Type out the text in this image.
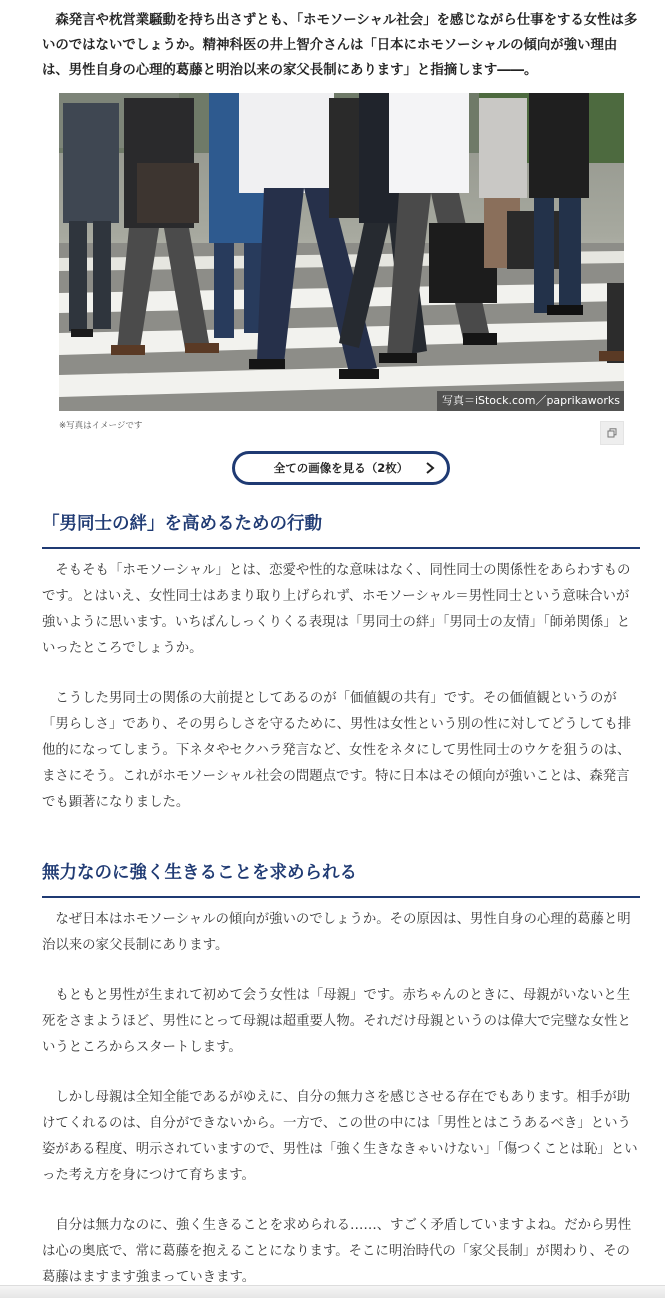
森発言や枕営業騒動を持ち出さずとも、「ホモソーシャル社会」を感じながら仕事をする女性は多いのではないでしょうか。精神科医の井上智介さんは「日本にホモソーシャルの傾向が強い理由は、男性自身の心理的葛藤と明治以来の家父長制にあります」と指摘します――。

写真＝iStock.com／paprikaworks
※写真はイメージです
全ての画像を見る（2枚）
「男同士の絆」を高めるための行動

そもそも「ホモソーシャル」とは、恋愛や性的な意味はなく、同性同士の関係性をあらわすものです。とはいえ、女性同士はあまり取り上げられず、ホモソーシャル＝男性同士という意味合いが強いように思います。いちばんしっくりくる表現は「男同士の絆」「男同士の友情」「師弟関係」といったところでしょうか。

こうした男同士の関係の大前提としてあるのが「価値観の共有」です。その価値観というのが「男らしさ」であり、その男らしさを守るために、男性は女性という別の性に対してどうしても排他的になってしまう。下ネタやセクハラ発言など、女性をネタにして男性同士のウケを狙うのは、まさにそう。これがホモソーシャル社会の問題点です。特に日本はその傾向が強いことは、森発言でも顕著になりました。

無力なのに強く生きることを求められる

なぜ日本はホモソーシャルの傾向が強いのでしょうか。その原因は、男性自身の心理的葛藤と明治以来の家父長制にあります。

もともと男性が生まれて初めて会う女性は「母親」です。赤ちゃんのときに、母親がいないと生死をさまようほど、男性にとって母親は超重要人物。それだけ母親というのは偉大で完璧な女性というところからスタートします。

しかし母親は全知全能であるがゆえに、自分の無力さを感じさせる存在でもあります。相手が助けてくれるのは、自分ができないから。一方で、この世の中には「男性とはこうあるべき」という姿がある程度、明示されていますので、男性は「強く生きなきゃいけない」「傷つくことは恥」といった考え方を身につけて育ちます。

自分は無力なのに、強く生きることを求められる……、すごく矛盾していますよね。だから男性は心の奥底で、常に葛藤を抱えることになります。そこに明治時代の「家父長制」が関わり、その葛藤はますます強まっていきます。
